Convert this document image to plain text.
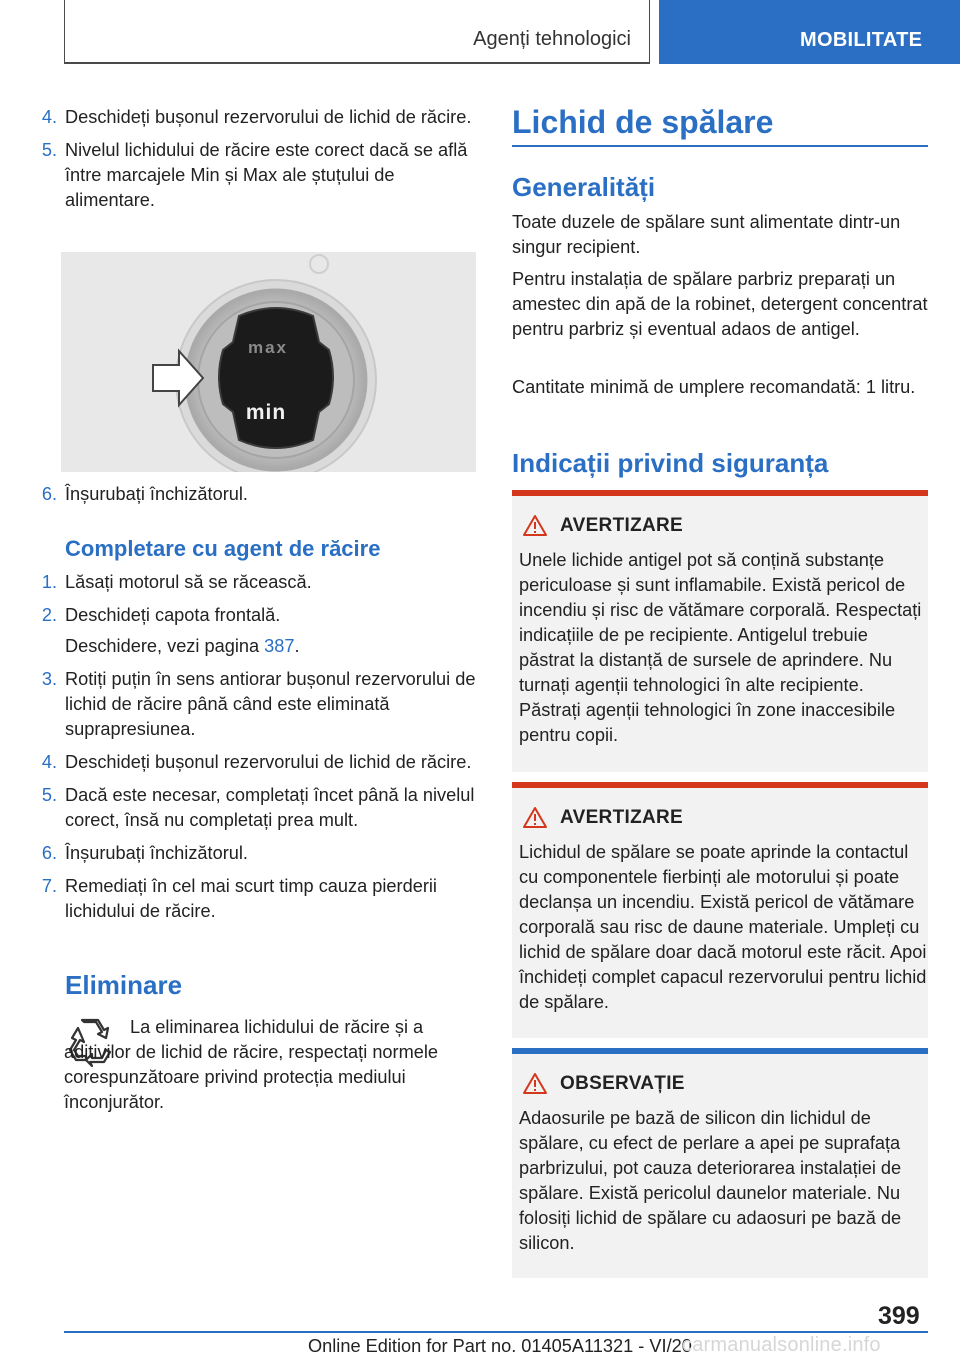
Agenți tehnologici	MOBILITATE
4. Deschideți bușonul rezervorului de lichid de răcire.
5. Nivelul lichidului de răcire este corect dacă se află între marcajele Min și Max ale ștuțului de alimentare.
max
min
6. Înșurubați închizătorul.
Completare cu agent de răcire
1. Lăsați motorul să se răcească.
2. Deschideți capota frontală.
Deschidere, vezi pagina 387.
3. Rotiți puțin în sens antiorar bușonul rezervorului de lichid de răcire până când este eliminată suprapresiunea.
4. Deschideți bușonul rezervorului de lichid de răcire.
5. Dacă este necesar, completați încet până la nivelul corect, însă nu completați prea mult.
6. Înșurubați închizătorul.
7. Remediați în cel mai scurt timp cauza pierderii lichidului de răcire.
Eliminare
La eliminarea lichidului de răcire și a aditivilor de lichid de răcire, respectați normele corespunzătoare privind protecția mediului înconjurător.
Lichid de spălare
Generalități
Toate duzele de spălare sunt alimentate dintr-un singur recipient.
Pentru instalația de spălare parbriz preparați un amestec din apă de la robinet, detergent concentrat pentru parbriz și eventual adaos de antigel.
Cantitate minimă de umplere recomandată: 1 litru.
Indicații privind siguranța
AVERTIZARE
Unele lichide antigel pot să conțină substanțe periculoase și sunt inflamabile. Există pericol de incendiu și risc de vătămare corporală. Respectați indicațiile de pe recipiente. Antigelul trebuie păstrat la distanță de sursele de aprindere. Nu turnați agenții tehnologici în alte recipiente. Păstrați agenții tehnologici în zone inaccesibile pentru copii.
AVERTIZARE
Lichidul de spălare se poate aprinde la contactul cu componentele fierbinți ale motorului și poate declanșa un incendiu. Există pericol de vătămare corporală sau risc de daune materiale. Umpleți cu lichid de spălare doar dacă motorul este răcit. Apoi închideți complet capacul rezervorului pentru lichid de spălare.
OBSERVAȚIE
Adaosurile pe bază de silicon din lichidul de spălare, cu efect de perlare a apei pe suprafața parbrizului, pot cauza deteriorarea instalației de spălare. Există pericolul daunelor materiale. Nu folosiți lichid de spălare cu adaosuri pe bază de silicon.
399
Online Edition for Part no. 01405A11321 - VI/20
carmanualsonline.info
